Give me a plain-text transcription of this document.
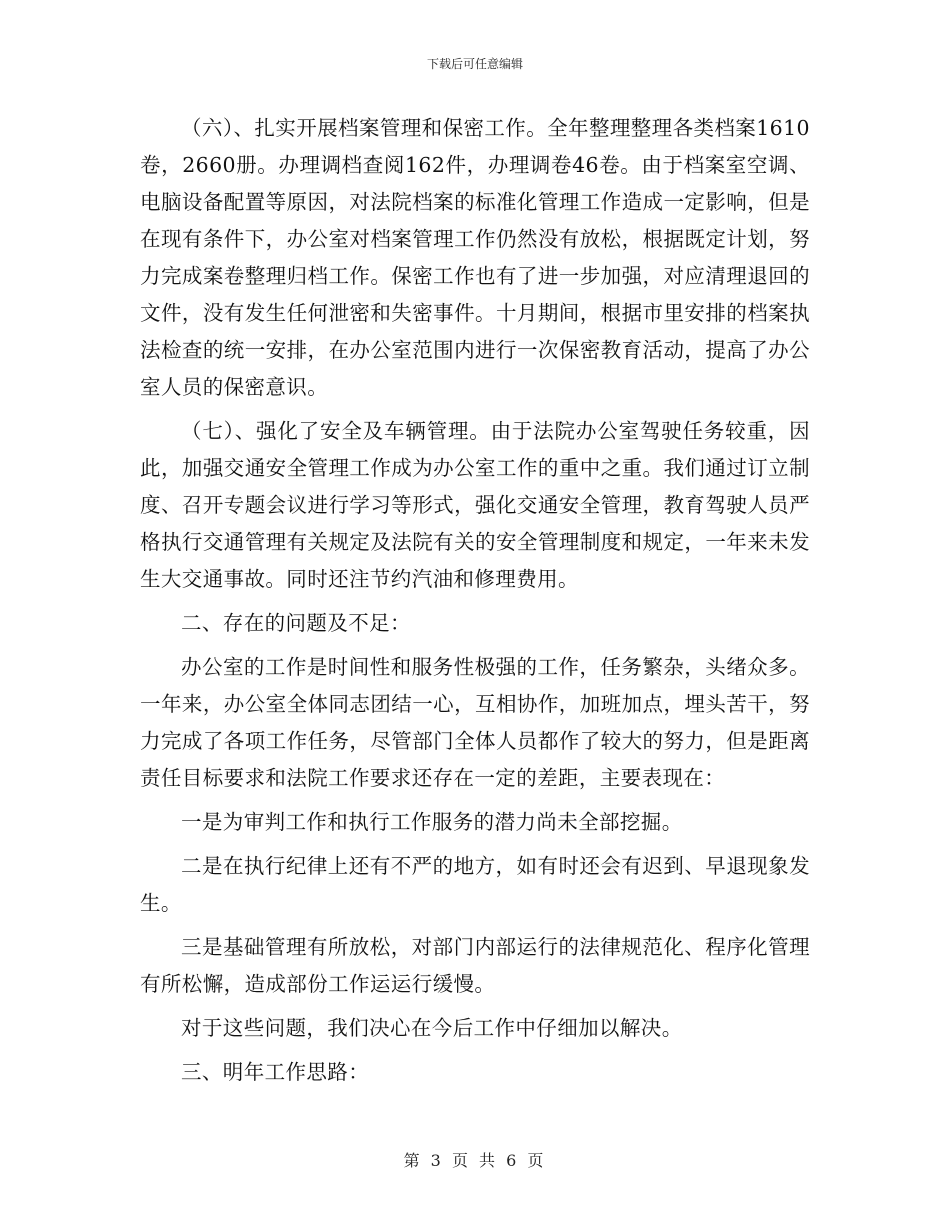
下载后可任意编辑

（六）、扎实开展档案管理和保密工作。全年整理整理各类档案1610卷，2660册。办理调档查阅162件，办理调卷46卷。由于档案室空调、电脑设备配置等原因，对法院档案的标准化管理工作造成一定影响，但是在现有条件下，办公室对档案管理工作仍然没有放松，根据既定计划，努力完成案卷整理归档工作。保密工作也有了进一步加强，对应清理退回的文件，没有发生任何泄密和失密事件。十月期间，根据市里安排的档案执法检查的统一安排，在办公室范围内进行一次保密教育活动，提高了办公室人员的保密意识。

（七）、强化了安全及车辆管理。由于法院办公室驾驶任务较重，因此，加强交通安全管理工作成为办公室工作的重中之重。我们通过订立制度、召开专题会议进行学习等形式，强化交通安全管理，教育驾驶人员严格执行交通管理有关规定及法院有关的安全管理制度和规定，一年来未发生大交通事故。同时还注节约汽油和修理费用。

二、存在的问题及不足：

办公室的工作是时间性和服务性极强的工作，任务繁杂，头绪众多。一年来，办公室全体同志团结一心，互相协作，加班加点，埋头苦干，努力完成了各项工作任务，尽管部门全体人员都作了较大的努力，但是距离责任目标要求和法院工作要求还存在一定的差距，主要表现在：

一是为审判工作和执行工作服务的潜力尚未全部挖掘。

二是在执行纪律上还有不严的地方，如有时还会有迟到、早退现象发生。

三是基础管理有所放松，对部门内部运行的法律规范化、程序化管理有所松懈，造成部份工作运运行缓慢。

对于这些问题，我们决心在今后工作中仔细加以解决。

三、明年工作思路：

第 3 页 共 6 页
